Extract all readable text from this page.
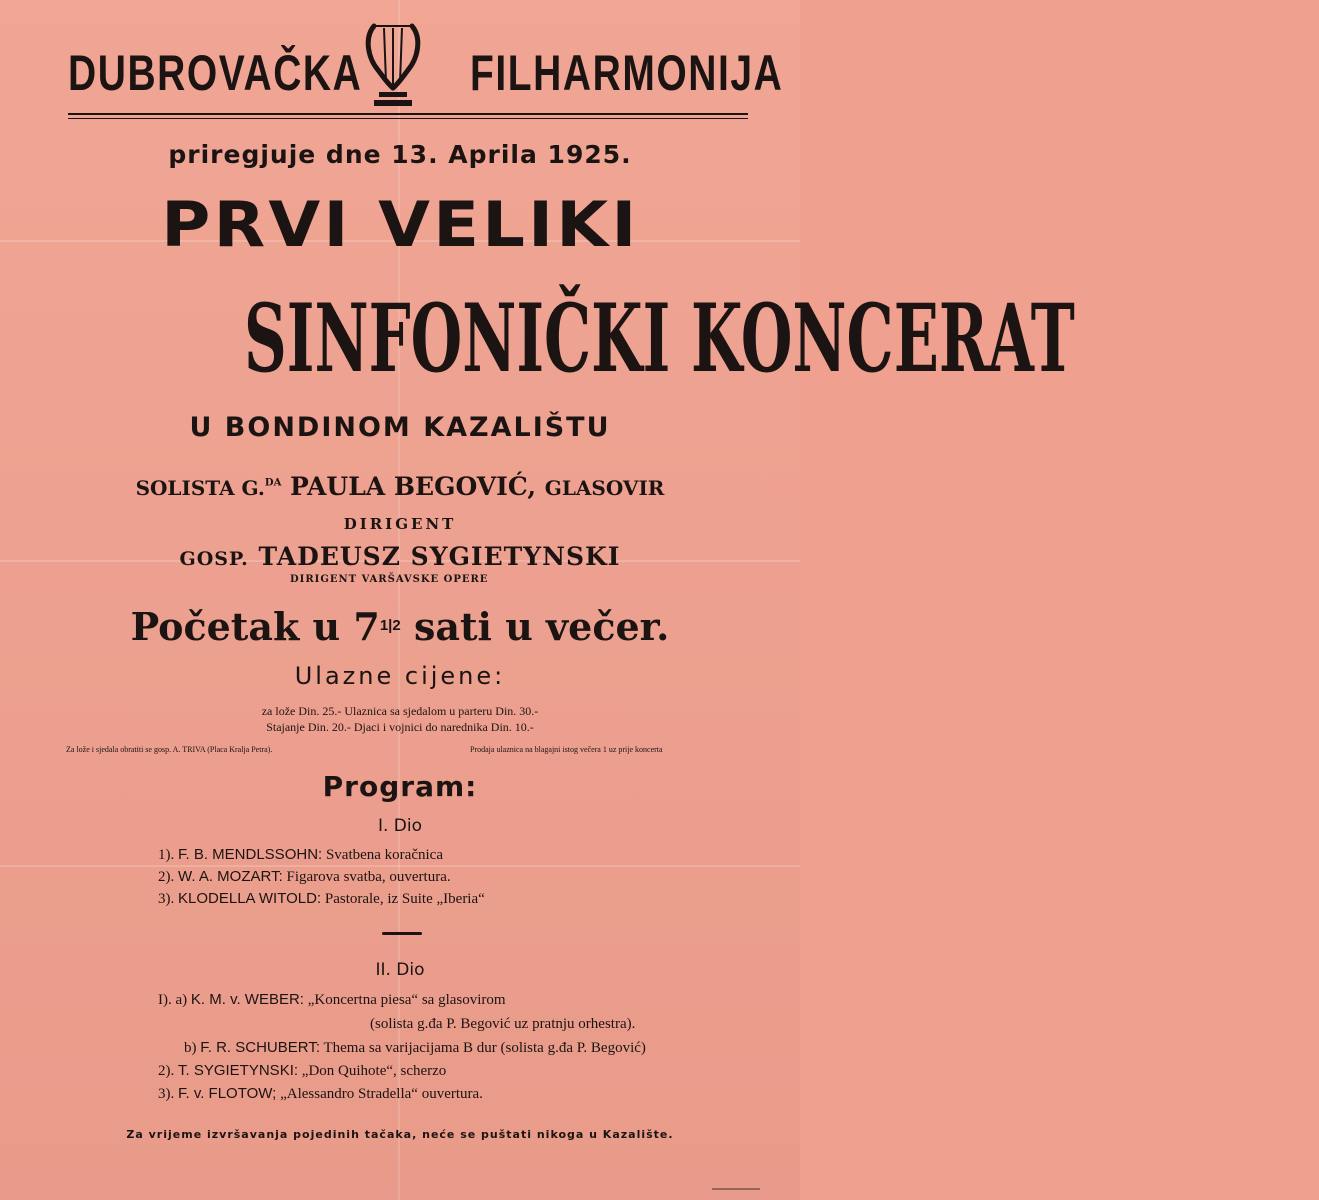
DUBROVAČKA FILHARMONIJA
priregjuje dne 13. Aprila 1925.
PRVI VELIKI
SINFONIČKI KONCERAT
U BONDINOM KAZALIŠTU
SOLISTA G.$^{DA}$ PAULA BEGOVIĆ, GLASOVIR
DIRIGENT
GOSP. TADEUSZ SYGIETYNSKI
DIRIGENT VARŠAVSKE OPERE
Početak u $7^{1|2}$ sati u večer.
Ulazne cijene:
za lože Din. 25.- Ulaznica sa sjedalom u parteru Din. 30.-
Stajanje Din. 20.- Djaci i vojnici do narednika Din. 10.-
Za lože i sjedala obratiti se gosp. A. TRIVA (Placa Kralja Petra).	Prodaja ulaznica na blagajni istog večera 1 uz prije koncerta
Program:
I. Dio
1). F. B. MENDLSSOHN: Svatbena koračnica
2). W. A. MOZART: Figarova svatba, ouvertura.
3). KLODELLA WITOLD: Pastorale, iz Suite „Iberia“
II. Dio
I). a) K. M. v. WEBER: „Koncertna piesa“ sa glasovirom
(solista g.đa P. Begović uz pratnju orhestra).
b) F. R. SCHUBERT: Thema sa varijacijama B dur (solista g.đa P. Begović)
2). T. SYGIETYNSKI: „Don Quihote“, scherzo
3). F. v. FLOTOW; „Alessandro Stradella“ ouvertura.
Za vrijeme izvršavanja pojedinih tačaka, neće se puštati nikoga u Kazalište.
